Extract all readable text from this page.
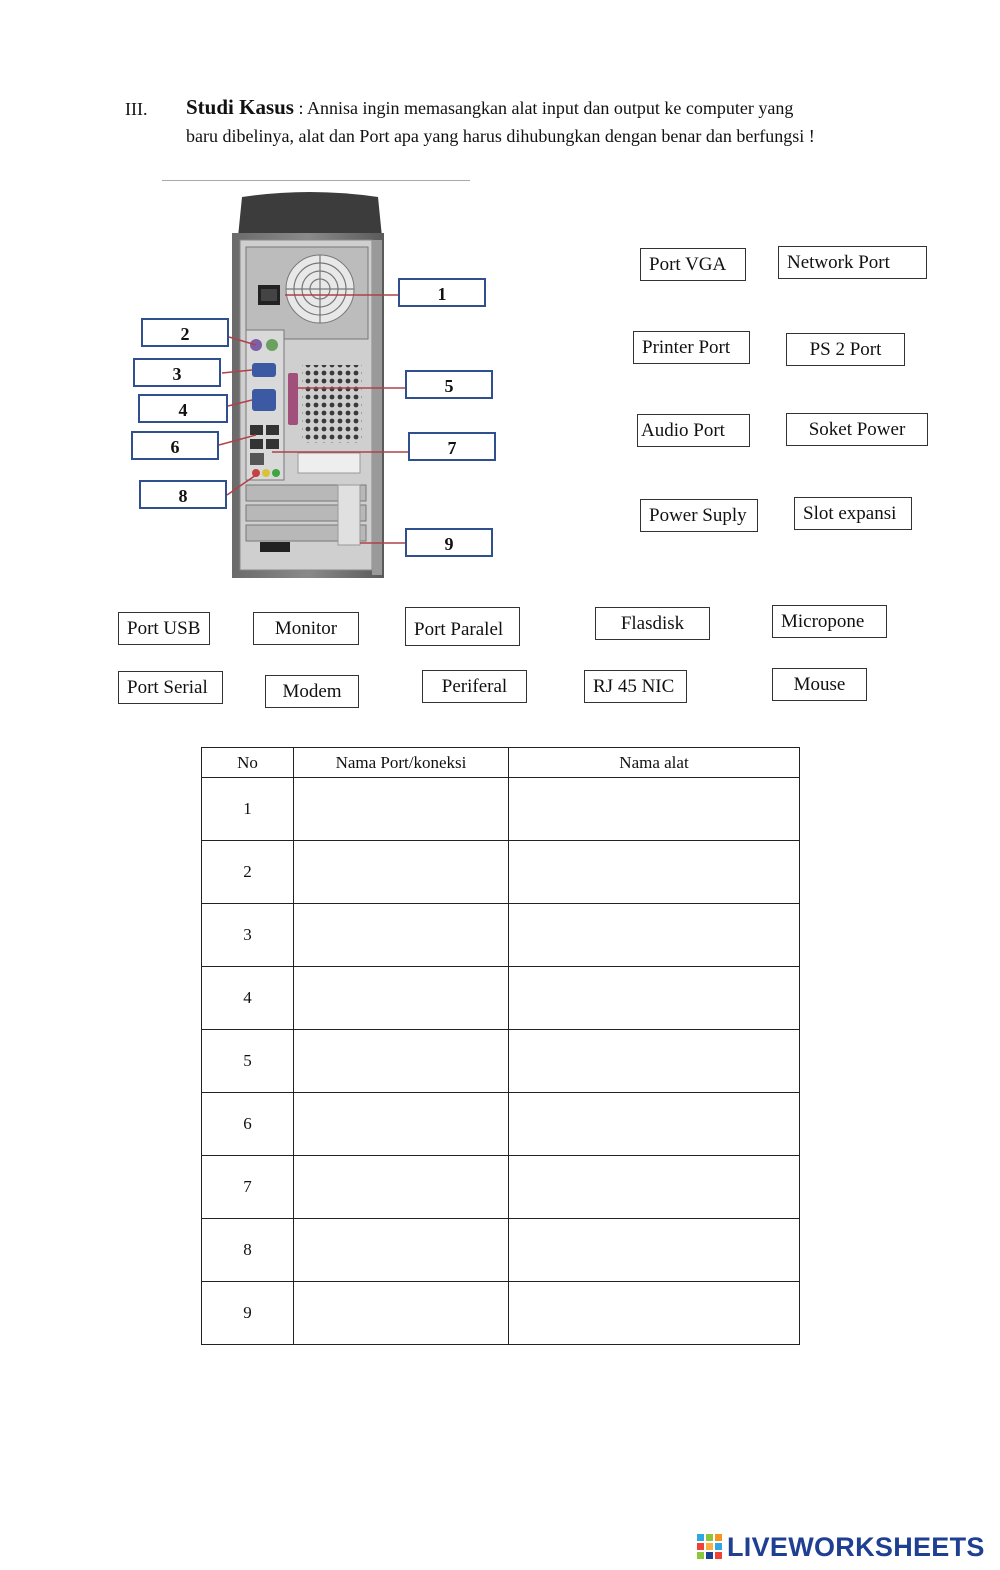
III. Studi Kasus : Annisa ingin memasangkan alat input dan output ke computer yang
baru dibelinya, alat dan Port apa yang harus dihubungkan dengan benar dan berfungsi !
1
2
3
4
5
6	7
8
9
Port VGA	Network Port
Printer Port	PS 2 Port
Audio Port	Soket Power
Power Suply	Slot expansi
Port USB	Monitor	Port Paralel	Flasdisk	Micropone
Port Serial	Modem	Periferal	RJ 45 NIC	Mouse
No	Nama Port/koneksi	Nama alat
1		
2		
3		
4		
5		
6		
7		
8		
9		
LIVEWORKSHEETS
